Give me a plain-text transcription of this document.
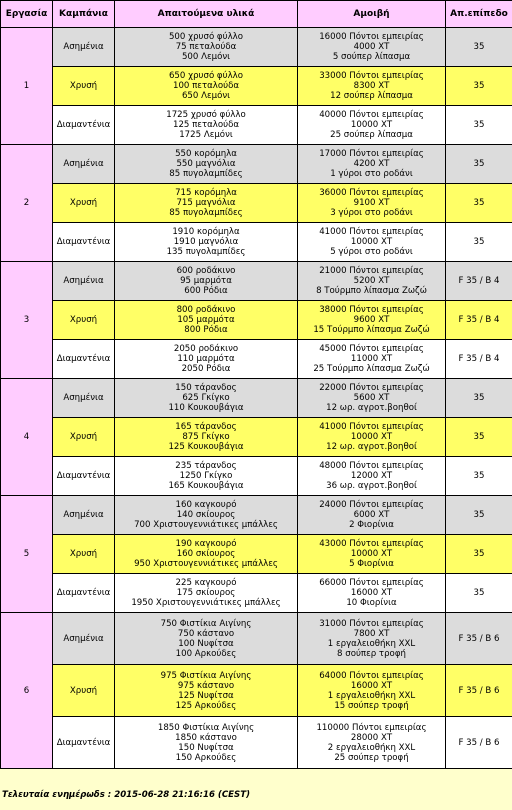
Εργασία	Καμπάνια	Απαιτούμενα υλικά	Αμοιβή	Απ.επίπεδο
1	Ασημένια	500 χρυσό φύλλο
75 πεταλούδα
500 Λεμόνι	16000 Πόντοι εμπειρίας
4000 ΧΤ
5 σούπερ λίπασμα	35
	Χρυσή	650 χρυσό φύλλο
100 πεταλούδα
650 Λεμόνι	33000 Πόντοι εμπειρίας
8300 ΧΤ
12 σούπερ λίπασμα	35
	Διαμαντένια	1725 χρυσό φύλλο
125 πεταλούδα
1725 Λεμόνι	40000 Πόντοι εμπειρίας
10000 ΧΤ
25 σούπερ λίπασμα	35
2	Ασημένια	550 κορόμηλα
550 μαγνόλια
85 πυγολαμπίδες	17000 Πόντοι εμπειρίας
4200 ΧΤ
1 γύροι στο ροδάνι	35
	Χρυσή	715 κορόμηλα
715 μαγνόλια
85 πυγολαμπίδες	36000 Πόντοι εμπειρίας
9100 ΧΤ
3 γύροι στο ροδάνι	35
	Διαμαντένια	1910 κορόμηλα
1910 μαγνόλια
135 πυγολαμπίδες	41000 Πόντοι εμπειρίας
10000 ΧΤ
5 γύροι στο ροδάνι	35
3	Ασημένια	600 ροδάκινο
95 μαρμότα
600 Ρόδια	21000 Πόντοι εμπειρίας
5200 ΧΤ
8 Τούρμπο λίπασμα Ζωζώ	F 35 / B 4
	Χρυσή	800 ροδάκινο
105 μαρμότα
800 Ρόδια	38000 Πόντοι εμπειρίας
9600 ΧΤ
15 Τούρμπο λίπασμα Ζωζώ	F 35 / B 4
	Διαμαντένια	2050 ροδάκινο
110 μαρμότα
2050 Ρόδια	45000 Πόντοι εμπειρίας
11000 ΧΤ
25 Τούρμπο λίπασμα Ζωζώ	F 35 / B 4
4	Ασημένια	150 τάρανδος
625 Γκίγκο
110 Κουκουβάγια	22000 Πόντοι εμπειρίας
5600 ΧΤ
12 ωρ. αγροτ.βοηθοί	35
	Χρυσή	165 τάρανδος
875 Γκίγκο
125 Κουκουβάγια	41000 Πόντοι εμπειρίας
10000 ΧΤ
12 ωρ. αγροτ.βοηθοί	35
	Διαμαντένια	235 τάρανδος
1250 Γκίγκο
165 Κουκουβάγια	48000 Πόντοι εμπειρίας
12000 ΧΤ
36 ωρ. αγροτ.βοηθοί	35
5	Ασημένια	160 καγκουρό
140 σκίουρος
700 Χριστουγεννιάτικες μπάλλες	24000 Πόντοι εμπειρίας
6000 ΧΤ
2 Φιορίνια	35
	Χρυσή	190 καγκουρό
160 σκίουρος
950 Χριστουγεννιάτικες μπάλλες	43000 Πόντοι εμπειρίας
10000 ΧΤ
5 Φιορίνια	35
	Διαμαντένια	225 καγκουρό
175 σκίουρος
1950 Χριστουγεννιάτικες μπάλλες	66000 Πόντοι εμπειρίας
16000 ΧΤ
10 Φιορίνια	35
6	Ασημένια	750 Φιστίκια Αιγίνης
750 κάστανο
100 Νυφίτσα
100 Αρκούδες	31000 Πόντοι εμπειρίας
7800 ΧΤ
1 εργαλειοθήκη XXL
8 σούπερ τροφή	F 35 / B 6
	Χρυσή	975 Φιστίκια Αιγίνης
975 κάστανο
125 Νυφίτσα
125 Αρκούδες	64000 Πόντοι εμπειρίας
16000 ΧΤ
1 εργαλειοθήκη XXL
15 σούπερ τροφή	F 35 / B 6
	Διαμαντένια	1850 Φιστίκια Αιγίνης
1850 κάστανο
150 Νυφίτσα
150 Αρκούδες	110000 Πόντοι εμπειρίας
28000 ΧΤ
2 εργαλειοθήκη XXL
25 σούπερ τροφή	F 35 / B 6
Τελευταία ενημέρωδs : 2015-06-28 21:16:16 (CEST)
